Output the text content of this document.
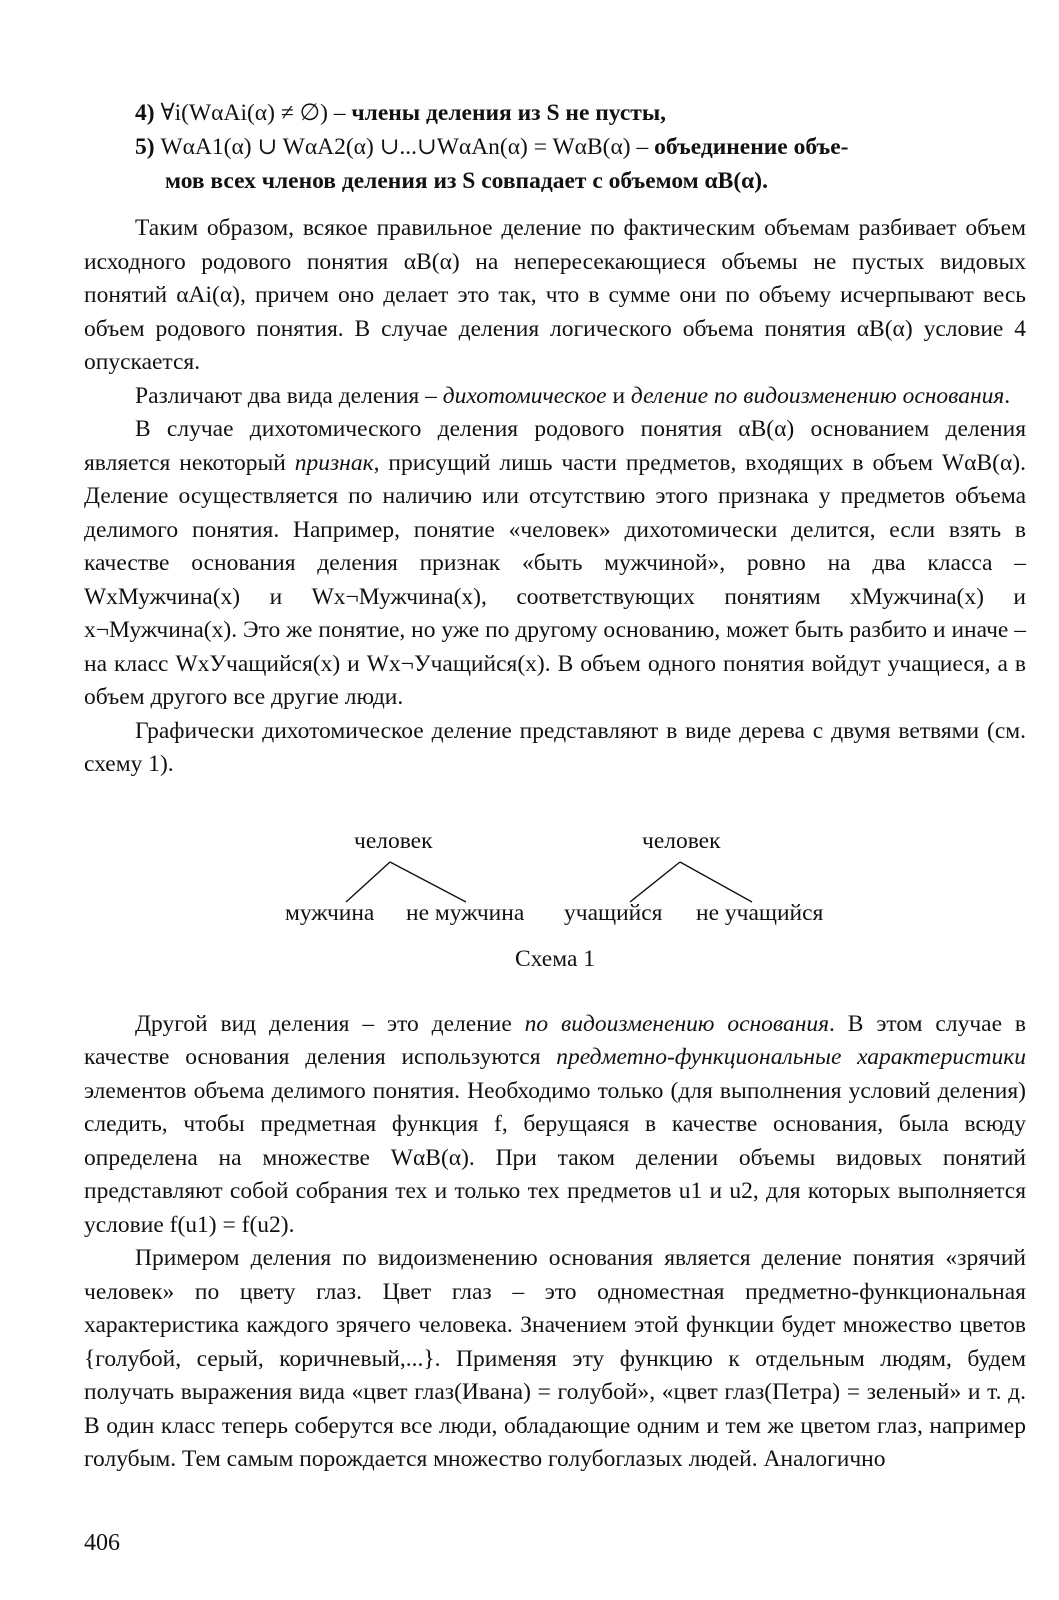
4) ∀i(WαAi(α) ≠ ∅) – члены деления из S не пусты,

5) WαA1(α) ∪ WαA2(α) ∪...∪WαAn(α) = WαB(α) – объединение объе-
мов всех членов деления из S совпадает с объемом αB(α).

Таким образом, всякое правильное деление по фактическим объемам разбивает объем исходного родового понятия αB(α) на непересекающиеся объемы не пустых видовых понятий αAi(α), причем оно делает это так, что в сумме они по объему исчерпывают весь объем родового понятия. В случае деления логического объема понятия αB(α) условие 4 опускается.

Различают два вида деления – дихотомическое и деление по видоизменению основания.

В случае дихотомического деления родового понятия αB(α) основанием деления является некоторый признак, присущий лишь части предметов, входящих в объем WαB(α). Деление осуществляется по наличию или отсутствию этого признака у предметов объема делимого понятия. Например, понятие «человек» дихотомически делится, если взять в качестве основания деления признак «быть мужчиной», ровно на два класса – WxМужчина(x) и Wx¬Мужчина(x), соответствующих понятиям xМужчина(x) и x¬Мужчина(x). Это же понятие, но уже по другому основанию, может быть разбито и иначе – на класс WxУчащийся(x) и Wx¬Учащийся(x). В объем одного понятия войдут учащиеся, а в объем другого все другие люди.

Графически дихотомическое деление представляют в виде дерева с двумя ветвями (см. схему 1).

человек
мужчина не мужчина
человек
учащийся не учащийся
Схема 1

Другой вид деления – это деление по видоизменению основания. В этом случае в качестве основания деления используются предметно-функциональные характеристики элементов объема делимого понятия. Необходимо только (для выполнения условий деления) следить, чтобы предметная функция f, берущаяся в качестве основания, была всюду определена на множестве WαB(α). При таком делении объемы видовых понятий представляют собой собрания тех и только тех предметов u1 и u2, для которых выполняется условие f(u1) = f(u2).

Примером деления по видоизменению основания является деление понятия «зрячий человек» по цвету глаз. Цвет глаз – это одноместная предметно-функциональная характеристика каждого зрячего человека. Значением этой функции будет множество цветов {голубой, серый, коричневый,...}. Применяя эту функцию к отдельным людям, будем получать выражения вида «цвет глаз(Ивана) = голубой», «цвет глаз(Петра) = зеленый» и т. д. В один класс теперь соберутся все люди, обладающие одним и тем же цветом глаз, например голубым. Тем самым порождается множество голубоглазых людей. Аналогично

406
